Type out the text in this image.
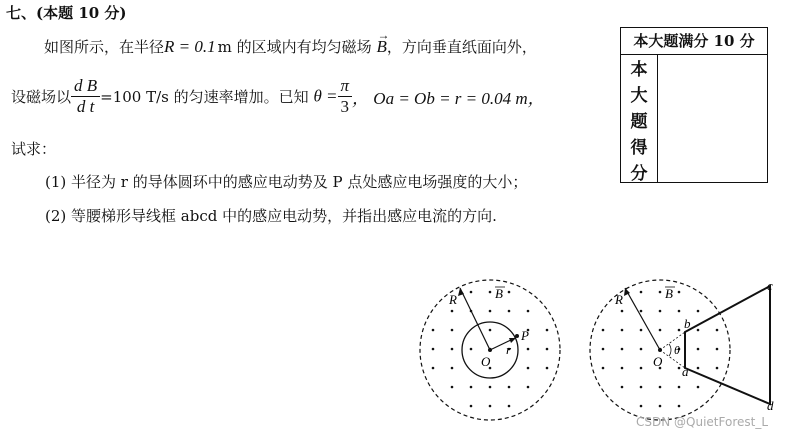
七、(本题 10 分)
如图所示，在半径R = 0.1 m 的区域内有均匀磁场
→
B，方向垂直纸面向外，
设磁场以 $\frac{\text{d B}}{\text{d t}} =100$ T/s 的匀速率增加。已知 $\theta = \frac{\pi}{3}$ ， Oa = Ob = r = 0.04 m，
试求：
(1) 半径为 r 的导体圆环中的感应电动势及 P 点处感应电场强度的大小；
(2) 等腰梯形导线框 abcd 中的感应电动势，并指出感应电流的方向.
本大题满分 10 分
本
大
题
得
分
R	B
O
r
P
R	B
O
θ
a
b
c
d
CSDN @QuietForest_L
